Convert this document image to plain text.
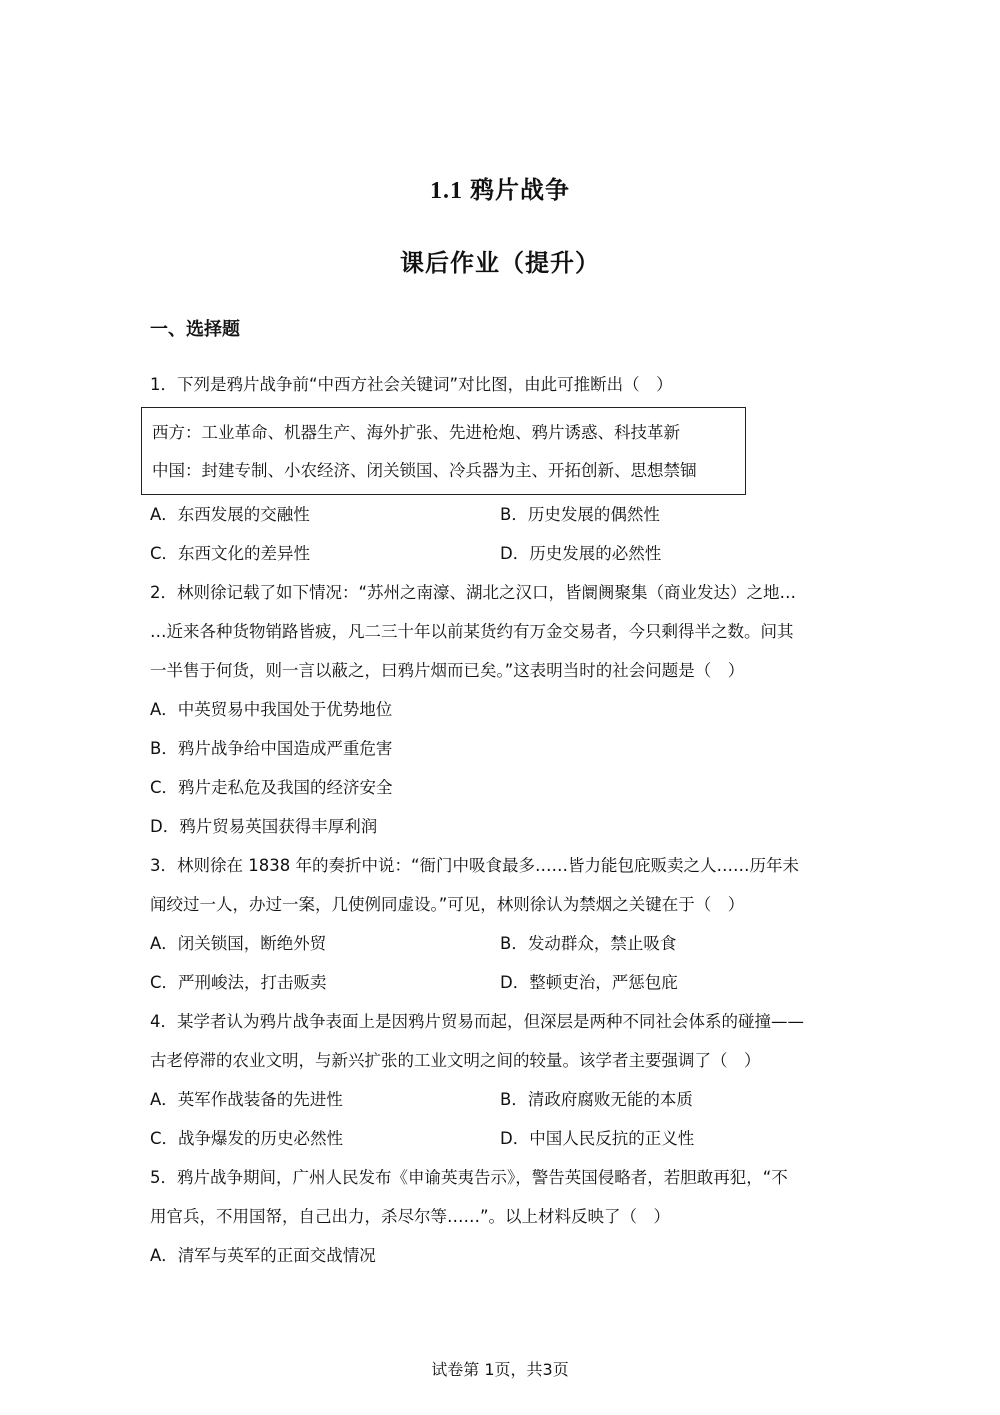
1.1 鸦片战争
课后作业（提升）
一、选择题
1．下列是鸦片战争前“中西方社会关键词”对比图，由此可推断出（　）
西方：工业革命、机器生产、海外扩张、先进枪炮、鸦片诱惑、科技革新
中国：封建专制、小农经济、闭关锁国、冷兵器为主、开拓创新、思想禁锢
A．东西发展的交融性	B．历史发展的偶然性
C．东西文化的差异性	D．历史发展的必然性
2．林则徐记载了如下情况：“苏州之南濠、湖北之汉口，皆阛阓聚集（商业发达）之地…
…近来各种货物销路皆疲，凡二三十年以前某货约有万金交易者，今只剩得半之数。问其
一半售于何货，则一言以蔽之，曰鸦片烟而已矣。”这表明当时的社会问题是（　）
A．中英贸易中我国处于优势地位
B．鸦片战争给中国造成严重危害
C．鸦片走私危及我国的经济安全
D．鸦片贸易英国获得丰厚利润
3．林则徐在 1838 年的奏折中说：“衙门中吸食最多……皆力能包庇贩卖之人……历年未
闻绞过一人，办过一案，几使例同虚设。”可见，林则徐认为禁烟之关键在于（　）
A．闭关锁国，断绝外贸	B．发动群众，禁止吸食
C．严刑峻法，打击贩卖	D．整顿吏治，严惩包庇
4．某学者认为鸦片战争表面上是因鸦片贸易而起，但深层是两种不同社会体系的碰撞——
古老停滞的农业文明，与新兴扩张的工业文明之间的较量。该学者主要强调了（　）
A．英军作战装备的先进性	B．清政府腐败无能的本质
C．战争爆发的历史必然性	D．中国人民反抗的正义性
5．鸦片战争期间，广州人民发布《申谕英夷告示》，警告英国侵略者，若胆敢再犯，“不
用官兵，不用国帑，自己出力，杀尽尔等……”。以上材料反映了（　）
A．清军与英军的正面交战情况
试卷第 1页，共3页
